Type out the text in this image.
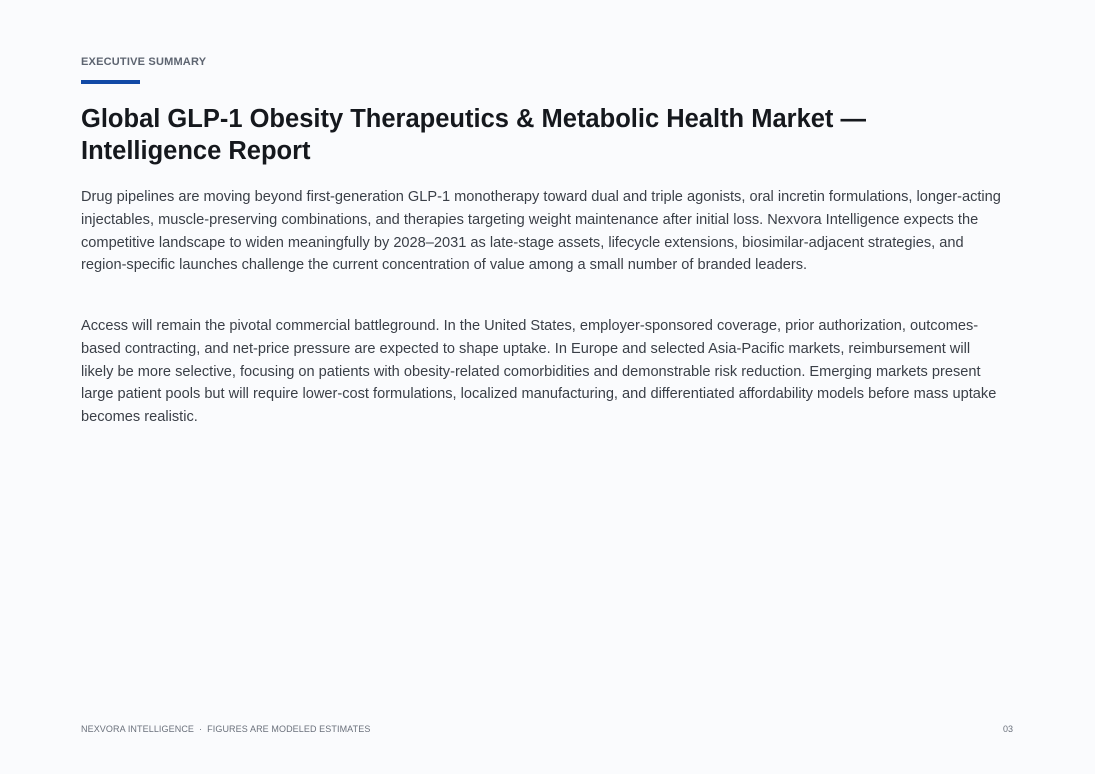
EXECUTIVE SUMMARY
Global GLP-1 Obesity Therapeutics & Metabolic Health Market — Intelligence Report

Drug pipelines are moving beyond first-generation GLP-1 monotherapy toward dual and triple agonists, oral incretin formulations, longer-acting injectables, muscle-preserving combinations, and therapies targeting weight maintenance after initial loss. Nexvora Intelligence expects the competitive landscape to widen meaningfully by 2028–2031 as late-stage assets, lifecycle extensions, biosimilar-adjacent strategies, and region-specific launches challenge the current concentration of value among a small number of branded leaders.

Access will remain the pivotal commercial battleground. In the United States, employer-sponsored coverage, prior authorization, outcomes-based contracting, and net-price pressure are expected to shape uptake. In Europe and selected Asia-Pacific markets, reimbursement will likely be more selective, focusing on patients with obesity-related comorbidities and demonstrable risk reduction. Emerging markets present large patient pools but will require lower-cost formulations, localized manufacturing, and differentiated affordability models before mass uptake becomes realistic.

NEXVORA INTELLIGENCE · FIGURES ARE MODELED ESTIMATES	03
